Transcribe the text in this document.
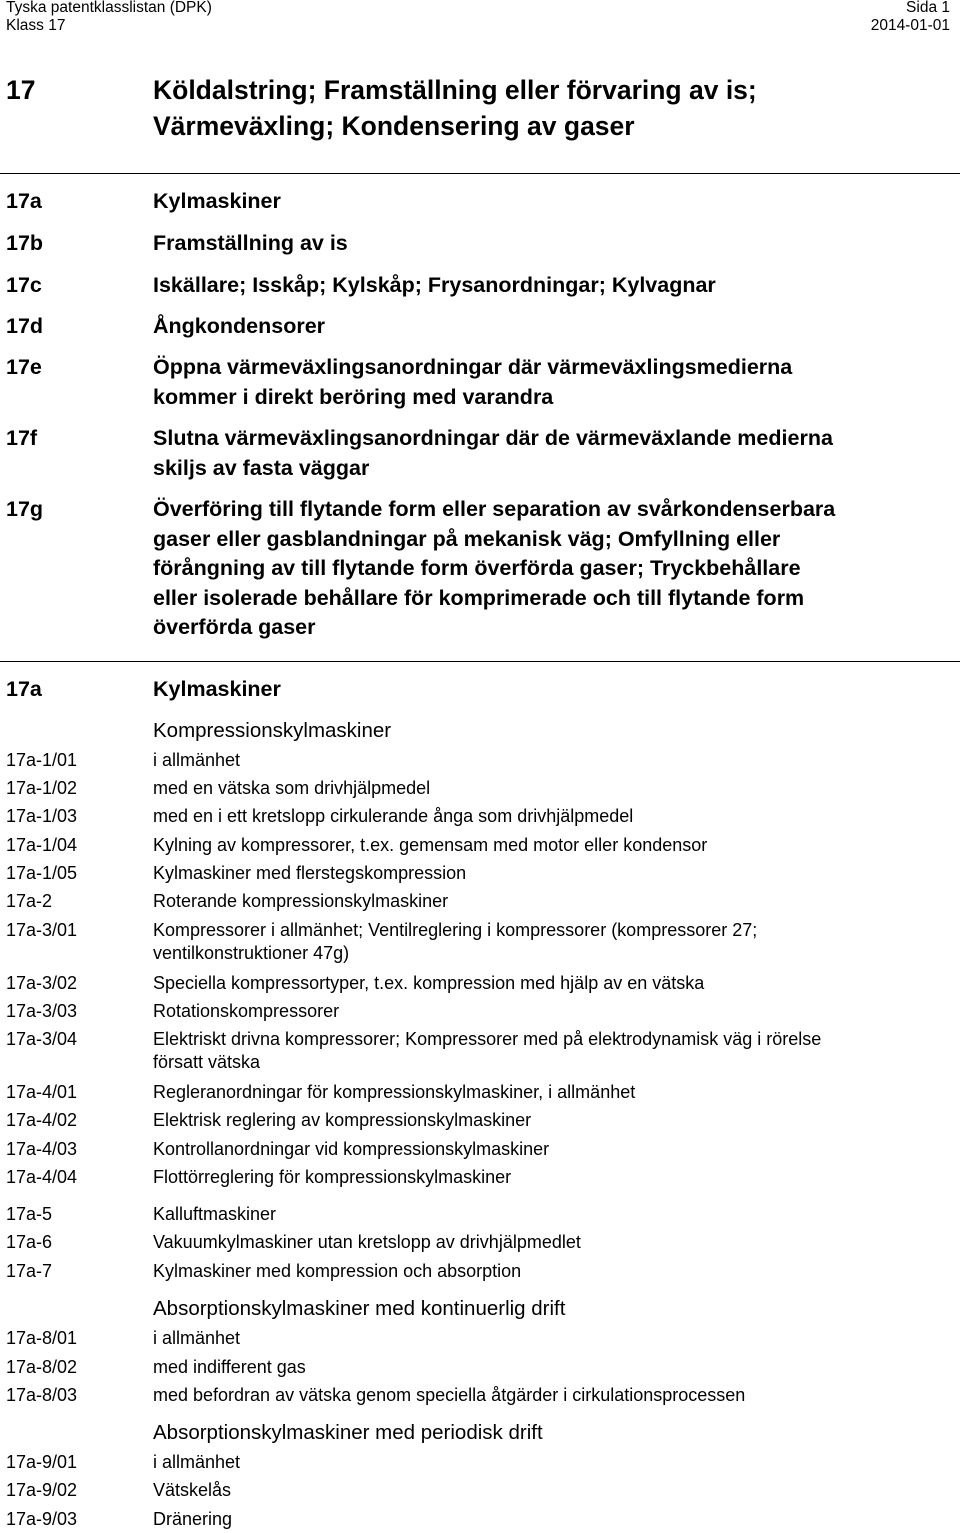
Tyska patentklasslistan (DPK)
Klass 17
Sida 1
2014-01-01
17	Köldalstring; Framställning eller förvaring av is;
Värmeväxling; Kondensering av gaser
17a	Kylmaskiner
17b	Framställning av is
17c	Iskällare; Isskåp; Kylskåp; Frysanordningar; Kylvagnar
17d	Ångkondensorer
17e	Öppna värmeväxlingsanordningar där värmeväxlingsmedierna
kommer i direkt beröring med varandra
17f	Slutna värmeväxlingsanordningar där de värmeväxlande medierna
skiljs av fasta väggar
17g	Överföring till flytande form eller separation av svårkondenserbara
gaser eller gasblandningar på mekanisk väg; Omfyllning eller
förångning av till flytande form överförda gaser; Tryckbehållare
eller isolerade behållare för komprimerade och till flytande form
överförda gaser
17a	Kylmaskiner
Kompressionskylmaskiner
17a-1/01	i allmänhet
17a-1/02	med en vätska som drivhjälpmedel
17a-1/03	med en i ett kretslopp cirkulerande ånga som drivhjälpmedel
17a-1/04	Kylning av kompressorer, t.ex. gemensam med motor eller kondensor
17a-1/05	Kylmaskiner med flerstegskompression
17a-2	Roterande kompressionskylmaskiner
17a-3/01	Kompressorer i allmänhet; Ventilreglering i kompressorer (kompressorer 27;
ventilkonstruktioner 47g)
17a-3/02	Speciella kompressortyper, t.ex. kompression med hjälp av en vätska
17a-3/03	Rotationskompressorer
17a-3/04	Elektriskt drivna kompressorer; Kompressorer med på elektrodynamisk väg i rörelse
försatt vätska
17a-4/01	Regleranordningar för kompressionskylmaskiner, i allmänhet
17a-4/02	Elektrisk reglering av kompressionskylmaskiner
17a-4/03	Kontrollanordningar vid kompressionskylmaskiner
17a-4/04	Flottörreglering för kompressionskylmaskiner
17a-5	Kalluftmaskiner
17a-6	Vakuumkylmaskiner utan kretslopp av drivhjälpmedlet
17a-7	Kylmaskiner med kompression och absorption
Absorptionskylmaskiner med kontinuerlig drift
17a-8/01	i allmänhet
17a-8/02	med indifferent gas
17a-8/03	med befordran av vätska genom speciella åtgärder i cirkulationsprocessen
Absorptionskylmaskiner med periodisk drift
17a-9/01	i allmänhet
17a-9/02	Vätskelås
17a-9/03	Dränering
